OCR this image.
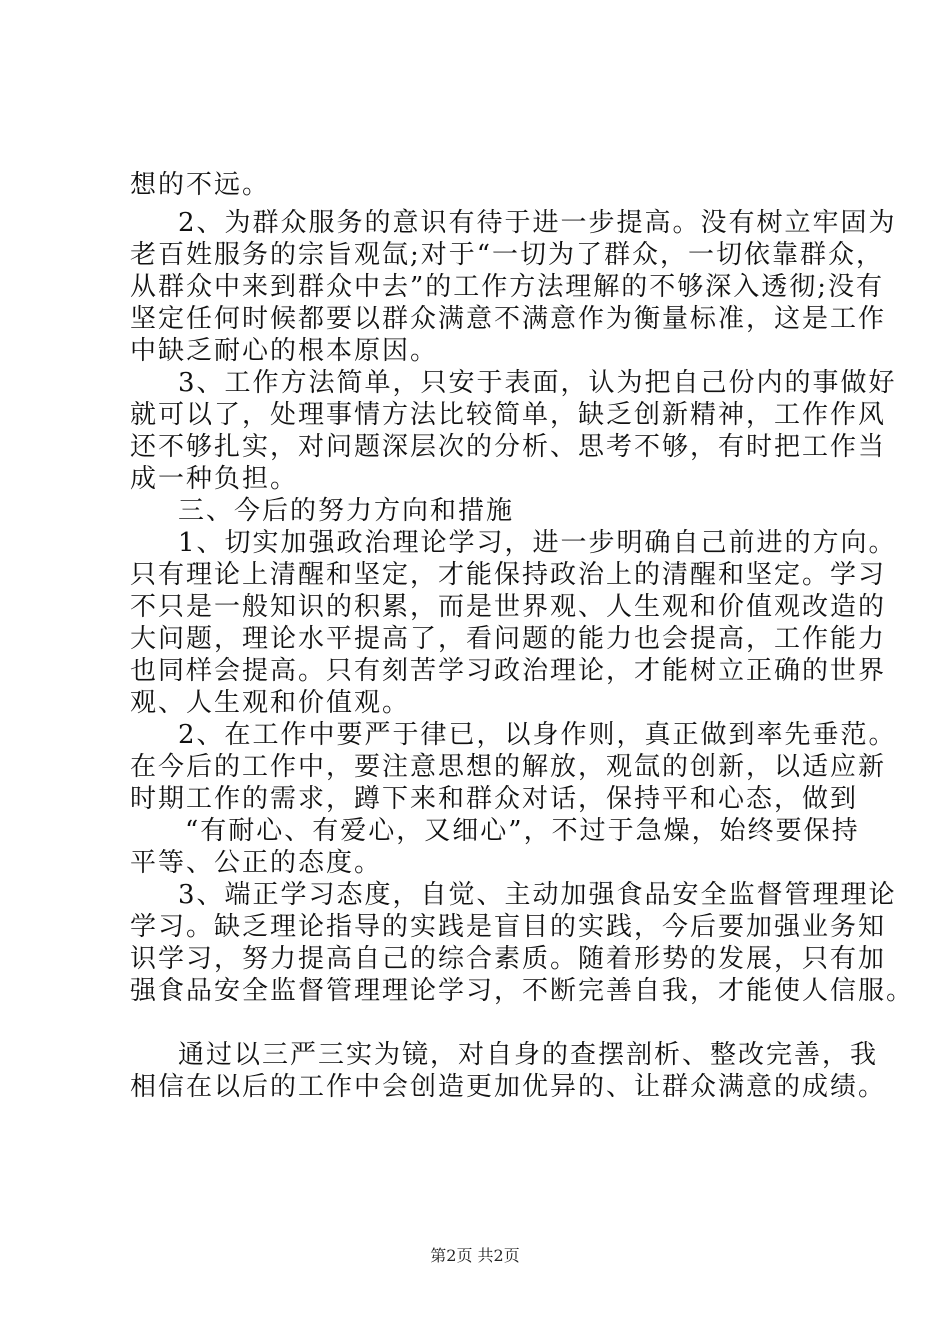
想的不远。
2、为群众服务的意识有待于进一步提高。没有树立牢固为
老百姓服务的宗旨观氙;对于“一切为了群众，一切依靠群众，
从群众中来到群众中去”的工作方法理解的不够深入透彻;没有
坚定任何时候都要以群众满意不满意作为衡量标准，这是工作
中缺乏耐心的根本原因。
3、工作方法简单，只安于表面，认为把自己份内的事做好
就可以了，处理事情方法比较简单，缺乏创新精神，工作作风
还不够扎实，对问题深层次的分析、思考不够，有时把工作当
成一种负担。
三、今后的努力方向和措施
1、切实加强政治理论学习，进一步明确自己前进的方向。
只有理论上清醒和坚定，才能保持政治上的清醒和坚定。学习
不只是一般知识的积累，而是世界观、人生观和价值观改造的
大问题，理论水平提高了，看问题的能力也会提高，工作能力
也同样会提高。只有刻苦学习政治理论，才能树立正确的世界
观、人生观和价值观。
2、在工作中要严于律已，以身作则，真正做到率先垂范。
在今后的工作中，要注意思想的解放，观氙的创新，以适应新
时期工作的需求，蹲下来和群众对话，保持平和心态，做到
“有耐心、有爱心，又细心”，不过于急燥，始终要保持
平等、公正的态度。
3、端正学习态度，自觉、主动加强食品安全监督管理理论
学习。缺乏理论指导的实践是盲目的实践，今后要加强业务知
识学习，努力提高自己的综合素质。随着形势的发展，只有加
强食品安全监督管理理论学习，不断完善自我，才能使人信服。
通过以三严三实为镜，对自身的查摆剖析、整改完善，我
相信在以后的工作中会创造更加优异的、让群众满意的成绩。
第2页 共2页
